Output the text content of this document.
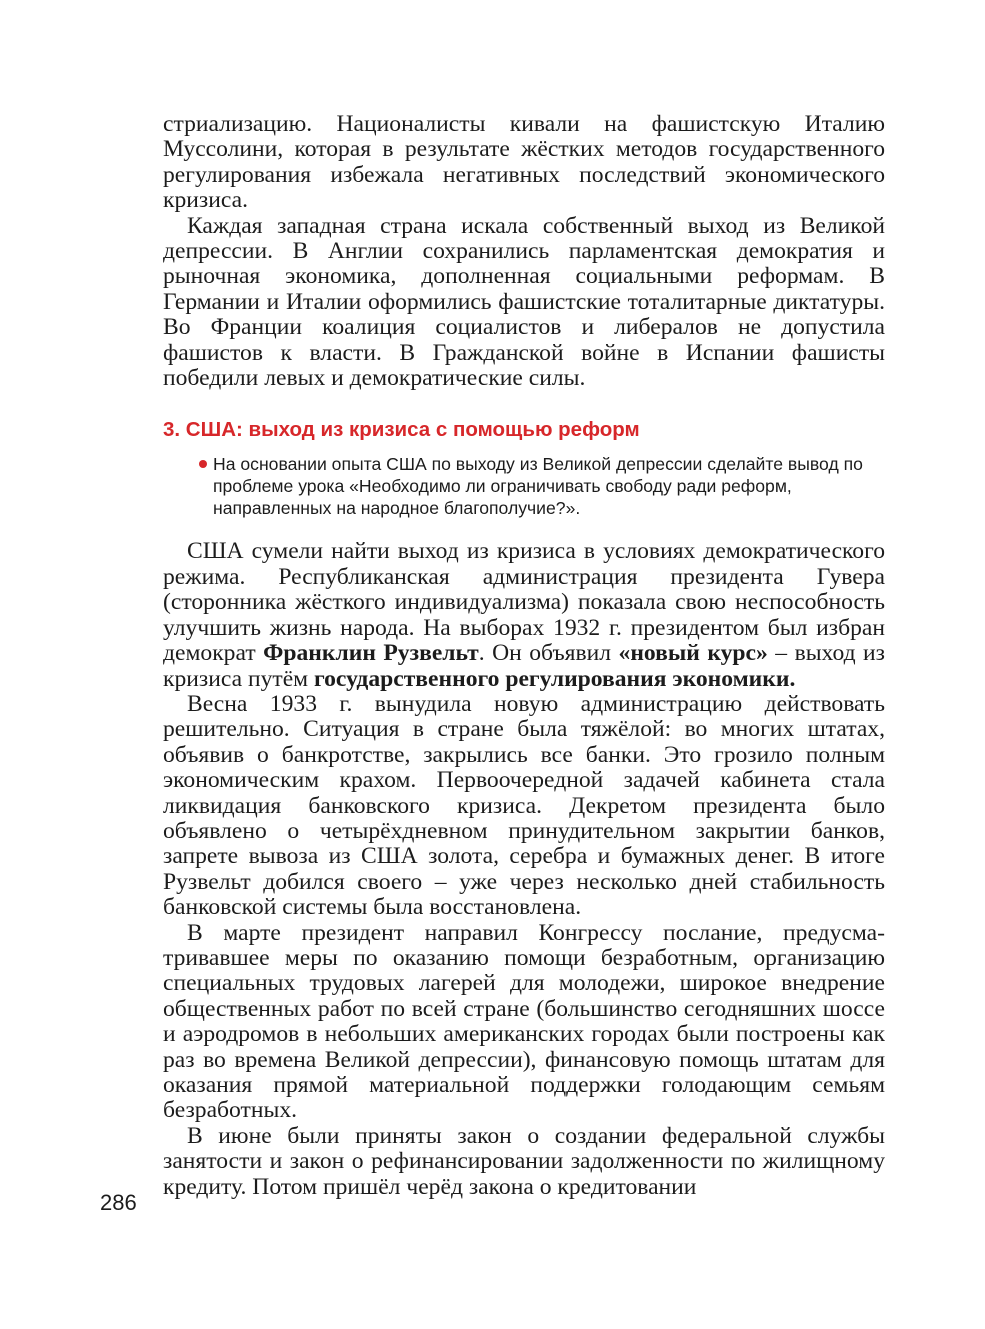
стриализацию. Националисты кивали на фашистскую Италию Муссолини, которая в результате жёстких методов государственного регулирования избежала негативных последствий экономического кризиса.

Каждая западная страна искала собственный выход из Великой депрессии. В Англии сохранились парламентская демократия и рыночная экономика, дополненная социальными реформам. В Германии и Италии оформились фашистские тоталитарные диктатуры. Во Франции коалиция социалистов и либералов не допустила фашистов к власти. В Гражданской войне в Испании фашисты победили левых и демократические силы.

3. США: выход из кризиса с помощью реформ
На основании опыта США по выходу из Великой депрессии сделайте вывод по проблеме урока «Необходимо ли ограничивать свободу ради реформ, направленных на народное благополучие?».

США сумели найти выход из кризиса в условиях демократического режима. Республиканская администрация президента Гувера (сторонника жёсткого индивидуализма) показала свою неспособность улучшить жизнь народа. На выборах 1932 г. президентом был избран демократ Франклин Рузвельт. Он объявил «новый курс» – выход из кризиса путём государственного регулирования экономики.

Весна 1933 г. вынудила новую администрацию действовать решительно. Ситуация в стране была тяжёлой: во многих штатах, объявив о банкротстве, закрылись все банки. Это грозило полным экономическим крахом. Первоочередной задачей кабинета стала ликвидация банковского кризиса. Декретом президента было объявлено о четырёхдневном принудительном закрытии банков, запрете вывоза из США золота, серебра и бумажных денег. В итоге Рузвельт добился своего – уже через несколько дней стабильность банковской системы была восстановлена.

В марте президент направил Конгрессу послание, предусматривавшее меры по оказанию помощи безработным, организацию специальных трудовых лагерей для молодежи, широкое внедрение общественных работ по всей стране (большинство сегодняшних шоссе и аэродромов в небольших американских городах были построены как раз во времена Великой депрессии), финансовую помощь штатам для оказания прямой материальной поддержки голодающим семьям безработных.

В июне были приняты закон о создании федеральной службы занятости и закон о рефинансировании задолженности по жилищному кредиту. Потом пришёл черёд закона о кредитовании

286
